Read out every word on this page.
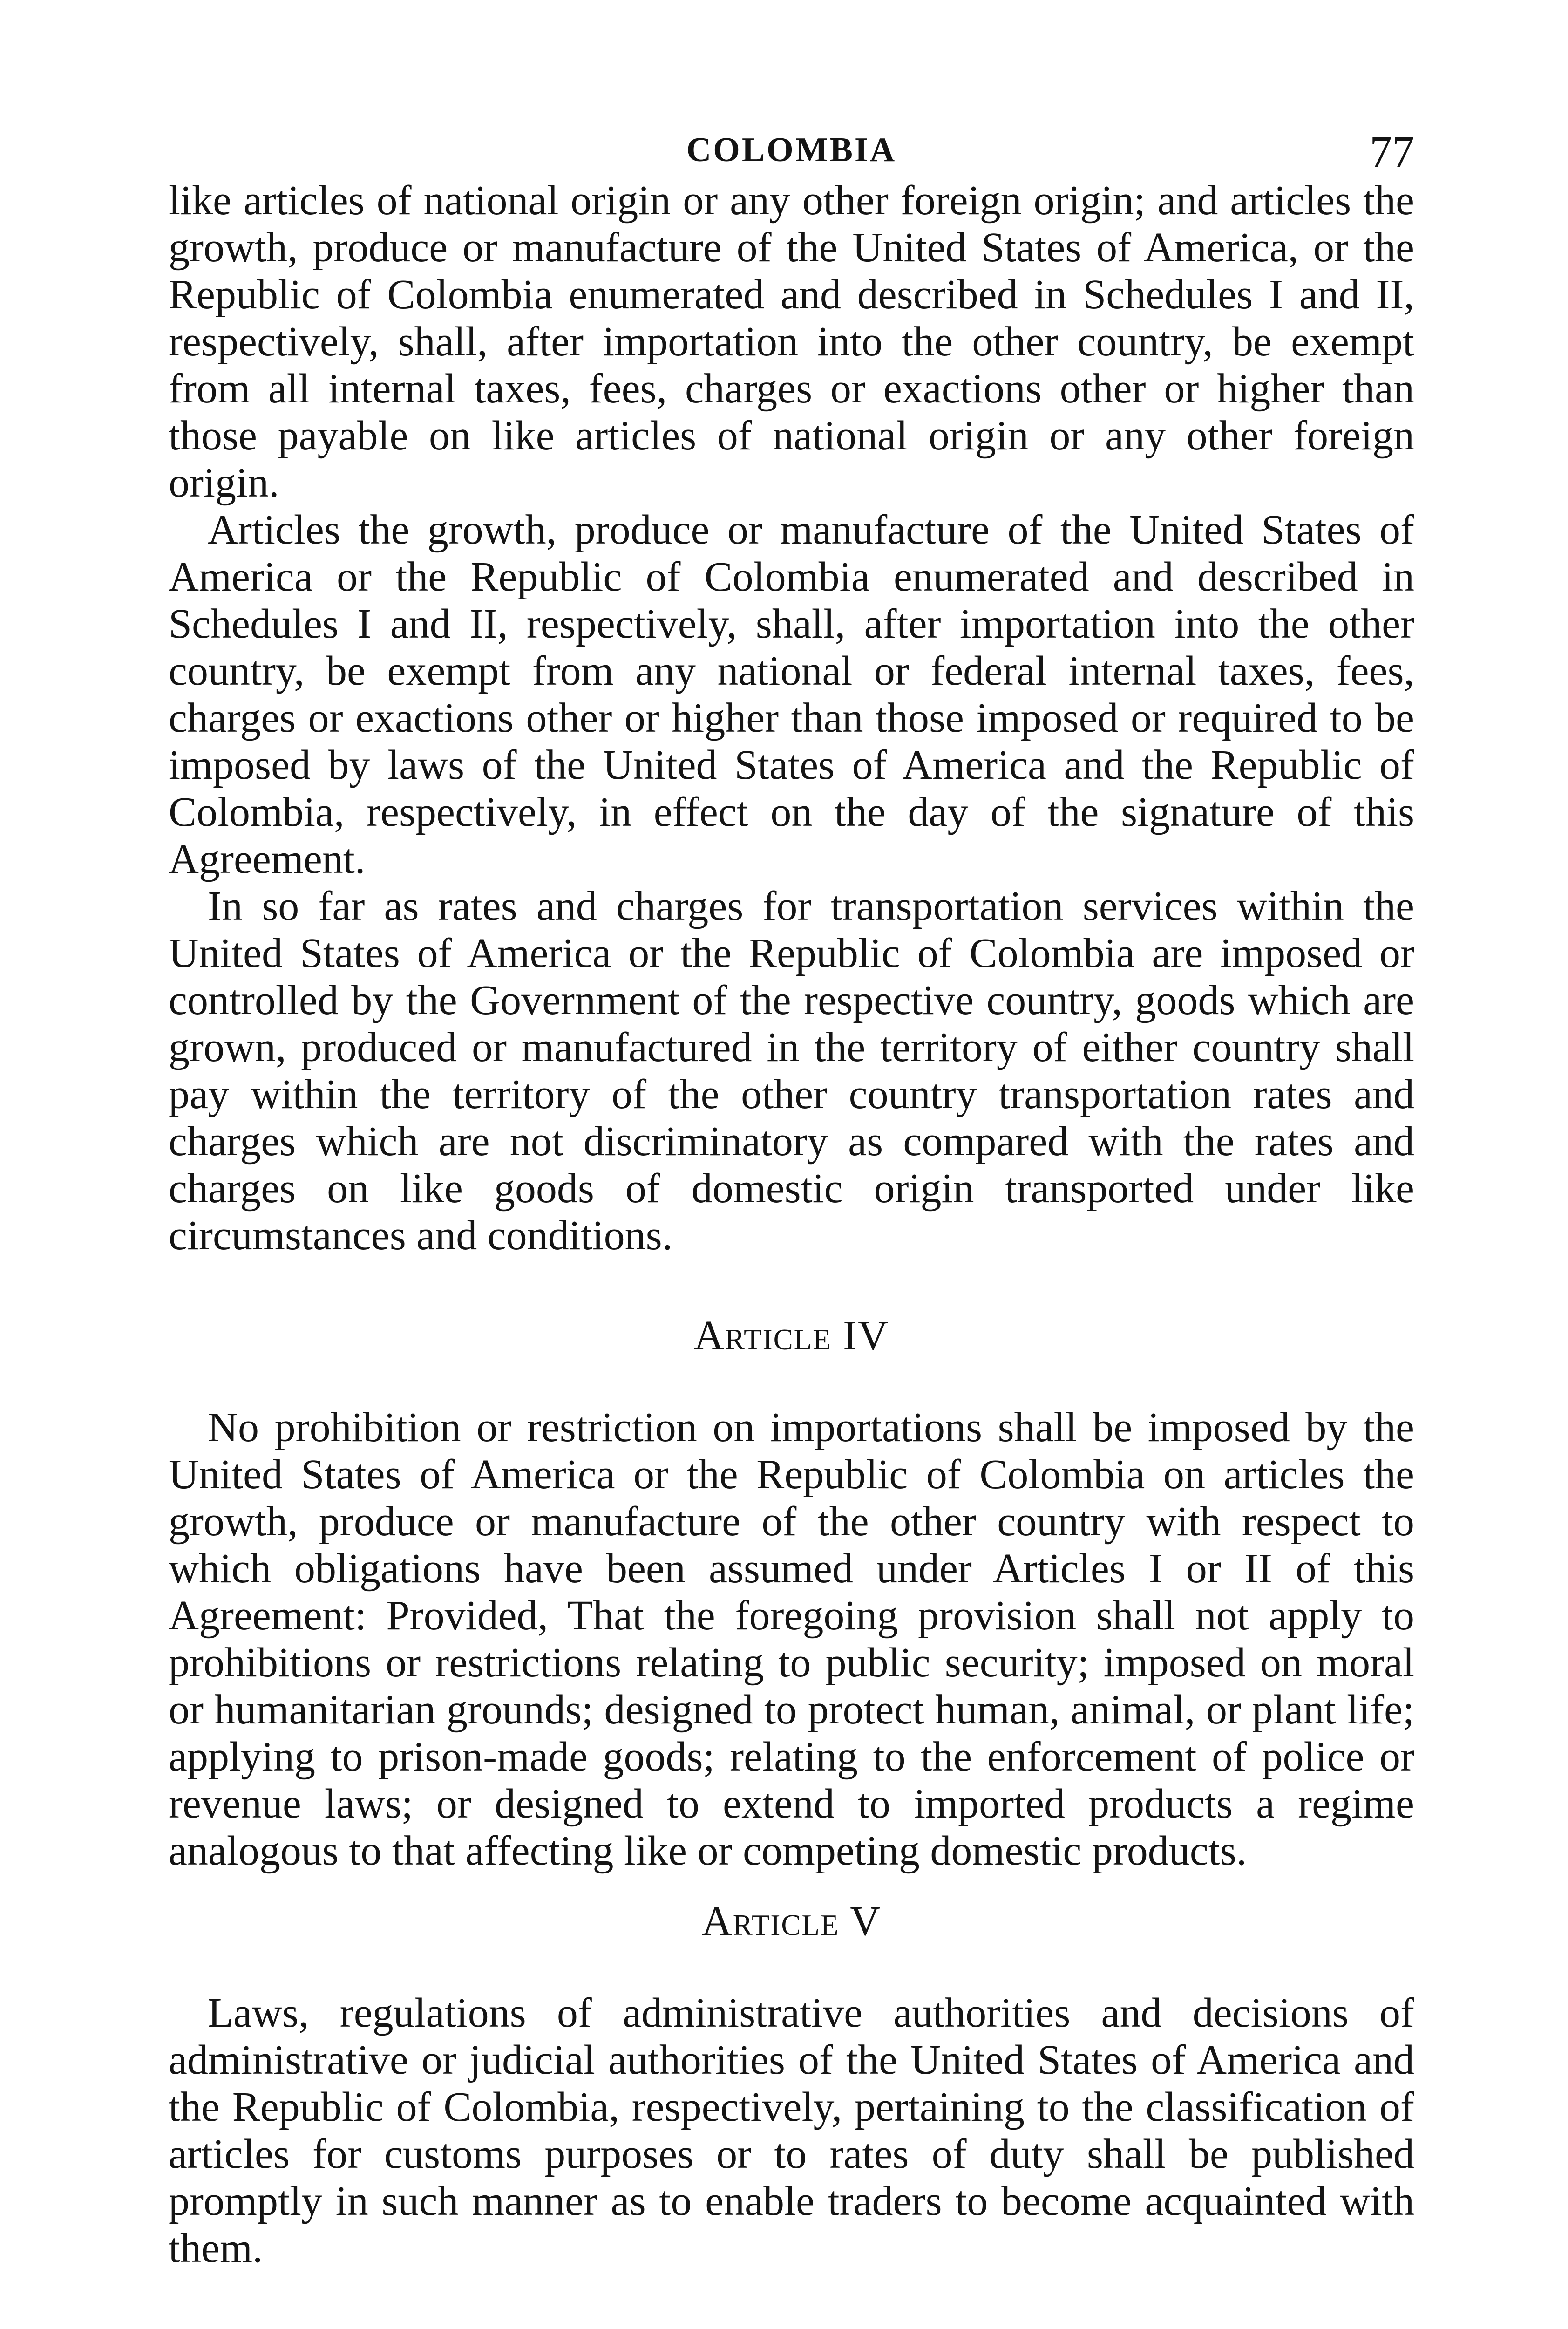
COLOMBIA	77

like articles of national origin or any other foreign origin; and articles the growth, produce or manufacture of the United States of America, or the Republic of Colombia enumerated and described in Schedules I and II, respectively, shall, after importation into the other country, be exempt from all internal taxes, fees, charges or exactions other or higher than those payable on like articles of national origin or any other foreign origin.

Articles the growth, produce or manufacture of the United States of America or the Republic of Colombia enumerated and described in Schedules I and II, respectively, shall, after importation into the other country, be exempt from any national or federal internal taxes, fees, charges or exactions other or higher than those imposed or required to be imposed by laws of the United States of America and the Republic of Colombia, respectively, in effect on the day of the signature of this Agreement.

In so far as rates and charges for transportation services within the United States of America or the Republic of Colombia are imposed or controlled by the Government of the respective country, goods which are grown, produced or manufactured in the territory of either country shall pay within the territory of the other country transportation rates and charges which are not discriminatory as compared with the rates and charges on like goods of domestic origin transported under like circumstances and conditions.

Article IV

No prohibition or restriction on importations shall be imposed by the United States of America or the Republic of Colombia on articles the growth, produce or manufacture of the other country with respect to which obligations have been assumed under Articles I or II of this Agreement: Provided, That the foregoing provision shall not apply to prohibitions or restrictions relating to public security; imposed on moral or humanitarian grounds; designed to protect human, animal, or plant life; applying to prison-made goods; relating to the enforcement of police or revenue laws; or designed to extend to imported products a regime analogous to that affecting like or competing domestic products.

Article V

Laws, regulations of administrative authorities and decisions of administrative or judicial authorities of the United States of America and the Republic of Colombia, respectively, pertaining to the classification of articles for customs purposes or to rates of duty shall be published promptly in such manner as to enable traders to become acquainted with them.
